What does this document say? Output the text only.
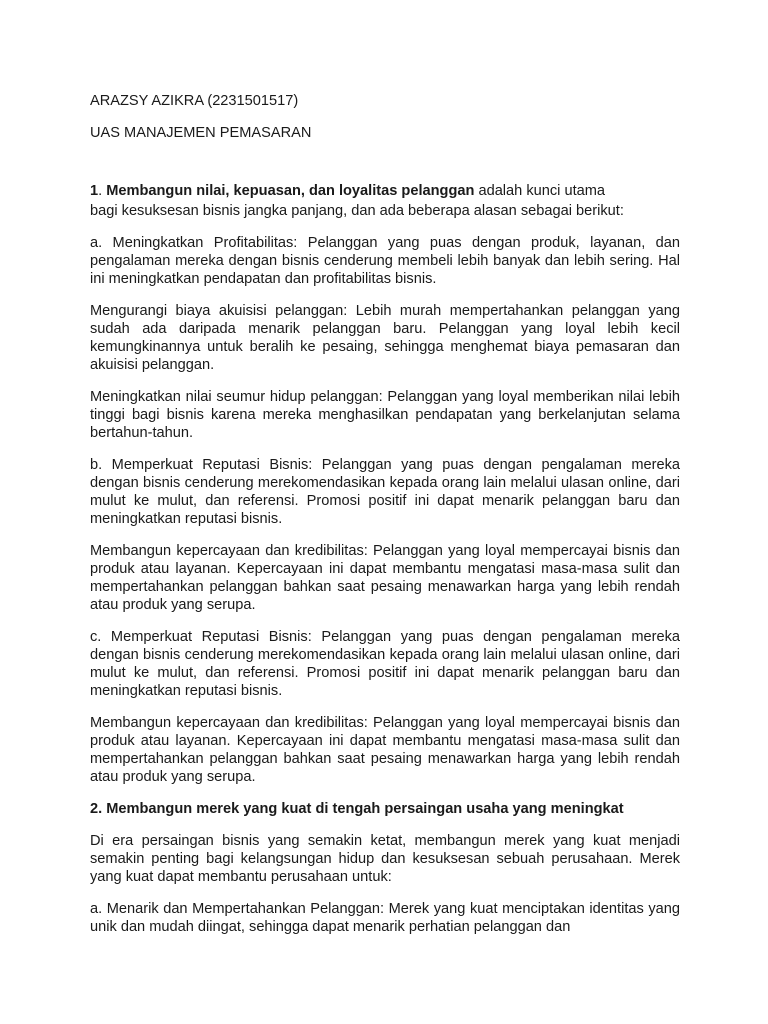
ARAZSY AZIKRA (2231501517)

UAS MANAJEMEN PEMASARAN

1. Membangun nilai, kepuasan, dan loyalitas pelanggan adalah kunci utama

bagi kesuksesan bisnis jangka panjang, dan ada beberapa alasan sebagai berikut:

a. Meningkatkan Profitabilitas: Pelanggan yang puas dengan produk, layanan, dan pengalaman mereka dengan bisnis cenderung membeli lebih banyak dan lebih sering. Hal ini meningkatkan pendapatan dan profitabilitas bisnis.

Mengurangi biaya akuisisi pelanggan: Lebih murah mempertahankan pelanggan yang sudah ada daripada menarik pelanggan baru. Pelanggan yang loyal lebih kecil kemungkinannya untuk beralih ke pesaing, sehingga menghemat biaya pemasaran dan akuisisi pelanggan.

Meningkatkan nilai seumur hidup pelanggan: Pelanggan yang loyal memberikan nilai lebih tinggi bagi bisnis karena mereka menghasilkan pendapatan yang berkelanjutan selama bertahun-tahun.

b. Memperkuat Reputasi Bisnis: Pelanggan yang puas dengan pengalaman mereka dengan bisnis cenderung merekomendasikan kepada orang lain melalui ulasan online, dari mulut ke mulut, dan referensi. Promosi positif ini dapat menarik pelanggan baru dan meningkatkan reputasi bisnis.

Membangun kepercayaan dan kredibilitas: Pelanggan yang loyal mempercayai bisnis dan produk atau layanan. Kepercayaan ini dapat membantu mengatasi masa-masa sulit dan mempertahankan pelanggan bahkan saat pesaing menawarkan harga yang lebih rendah atau produk yang serupa.

c. Memperkuat Reputasi Bisnis: Pelanggan yang puas dengan pengalaman mereka dengan bisnis cenderung merekomendasikan kepada orang lain melalui ulasan online, dari mulut ke mulut, dan referensi. Promosi positif ini dapat menarik pelanggan baru dan meningkatkan reputasi bisnis.

Membangun kepercayaan dan kredibilitas: Pelanggan yang loyal mempercayai bisnis dan produk atau layanan. Kepercayaan ini dapat membantu mengatasi masa-masa sulit dan mempertahankan pelanggan bahkan saat pesaing menawarkan harga yang lebih rendah atau produk yang serupa.

2. Membangun merek yang kuat di tengah persaingan usaha yang meningkat

Di era persaingan bisnis yang semakin ketat, membangun merek yang kuat menjadi semakin penting bagi kelangsungan hidup dan kesuksesan sebuah perusahaan. Merek yang kuat dapat membantu perusahaan untuk:

a. Menarik dan Mempertahankan Pelanggan: Merek yang kuat menciptakan identitas yang unik dan mudah diingat, sehingga dapat menarik perhatian pelanggan dan
